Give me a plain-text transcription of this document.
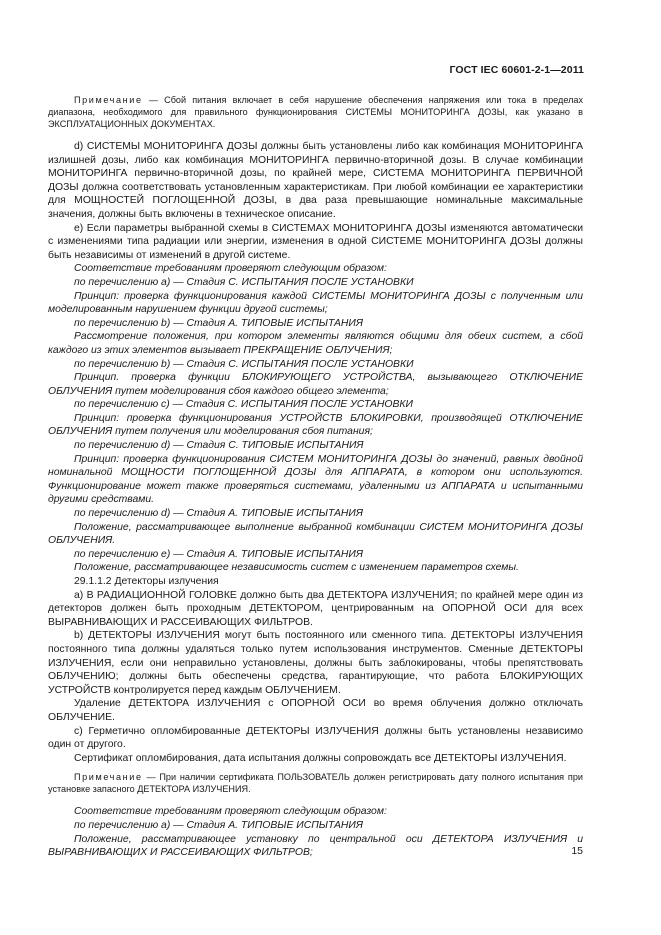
ГОСТ IEC 60601-2-1—2011

Примечание — Сбой питания включает в себя нарушение обеспечения напряжения или тока в пределах диапазона, необходимого для правильного функционирования СИСТЕМЫ МОНИТОРИНГА ДОЗЫ, как указано в ЭКСПЛУАТАЦИОННЫХ ДОКУМЕНТАХ.

d) СИСТЕМЫ МОНИТОРИНГА ДОЗЫ должны быть установлены либо как комбинация МОНИТОРИНГА излишней дозы, либо как комбинация МОНИТОРИНГА первично-вторичной дозы. В случае комбинации МОНИТОРИНГА первично-вторичной дозы, по крайней мере, СИСТЕМА МОНИТОРИНГА ПЕРВИЧНОЙ ДОЗЫ должна соответствовать установленным характеристикам. При любой комбинации ее характеристики для МОЩНОСТЕЙ ПОГЛОЩЕННОЙ ДОЗЫ, в два раза превышающие номинальные максимальные значения, должны быть включены в техническое описание.

e) Если параметры выбранной схемы в СИСТЕМАХ МОНИТОРИНГА ДОЗЫ изменяются автоматически с изменениями типа радиации или энергии, изменения в одной СИСТЕМЕ МОНИТОРИНГА ДОЗЫ должны быть независимы от изменений в другой системе.

Соответствие требованиям проверяют следующим образом:

по перечислению a) — Стадия С. ИСПЫТАНИЯ ПОСЛЕ УСТАНОВКИ

Принцип: проверка функционирования каждой СИСТЕМЫ МОНИТОРИНГА ДОЗЫ с полученным или моделированным нарушением функции другой системы;

по перечислению b) — Стадия А. ТИПОВЫЕ ИСПЫТАНИЯ

Рассмотрение положения, при котором элементы являются общими для обеих систем, а сбой каждого из этих элементов вызывает ПРЕКРАЩЕНИЕ ОБЛУЧЕНИЯ;

по перечислению b) — Стадия С. ИСПЫТАНИЯ ПОСЛЕ УСТАНОВКИ

Принцип. проверка функции БЛОКИРУЮЩЕГО УСТРОЙСТВА, вызывающего ОТКЛЮЧЕНИЕ ОБЛУЧЕНИЯ путем моделирования сбоя каждого общего элемента;

по перечислению c) — Стадия С. ИСПЫТАНИЯ ПОСЛЕ УСТАНОВКИ

Принцип: проверка функционирования УСТРОЙСТВ БЛОКИРОВКИ, производящей ОТКЛЮЧЕНИЕ ОБЛУЧЕНИЯ путем получения или моделирования сбоя питания;

по перечислению d) — Стадия С. ТИПОВЫЕ ИСПЫТАНИЯ

Принцип: проверка функционирования СИСТЕМ МОНИТОРИНГА ДОЗЫ до значений, равных двойной номинальной МОЩНОСТИ ПОГЛОЩЕННОЙ ДОЗЫ для АППАРАТА, в котором они используются. Функционирование может также проверяться системами, удаленными из АППАРАТА и испытанными другими средствами.

по перечислению d) — Стадия А. ТИПОВЫЕ ИСПЫТАНИЯ

Положение, рассматривающее выполнение выбранной комбинации СИСТЕМ МОНИТОРИНГА ДОЗЫ ОБЛУЧЕНИЯ.

по перечислению e) — Стадия А. ТИПОВЫЕ ИСПЫТАНИЯ

Положение, рассматривающее независимость систем с изменением параметров схемы.

29.1.1.2 Детекторы излучения

a) В РАДИАЦИОННОЙ ГОЛОВКЕ должно быть два ДЕТЕКТОРА ИЗЛУЧЕНИЯ; по крайней мере один из детекторов должен быть проходным ДЕТЕКТОРОМ, центрированным на ОПОРНОЙ ОСИ для всех ВЫРАВНИВАЮЩИХ И РАССЕИВАЮЩИХ ФИЛЬТРОВ.

b) ДЕТЕКТОРЫ ИЗЛУЧЕНИЯ могут быть постоянного или сменного типа. ДЕТЕКТОРЫ ИЗЛУЧЕНИЯ постоянного типа должны удаляться только путем использования инструментов. Сменные ДЕТЕКТОРЫ ИЗЛУЧЕНИЯ, если они неправильно установлены, должны быть заблокированы, чтобы препятствовать ОБЛУЧЕНИЮ; должны быть обеспечены средства, гарантирующие, что работа БЛОКИРУЮЩИХ УСТРОЙСТВ контролируется перед каждым ОБЛУЧЕНИЕМ.

Удаление ДЕТЕКТОРА ИЗЛУЧЕНИЯ с ОПОРНОЙ ОСИ во время облучения должно отключать ОБЛУЧЕНИЕ.

c) Герметично опломбированные ДЕТЕКТОРЫ ИЗЛУЧЕНИЯ должны быть установлены независимо один от другого.

Сертификат опломбирования, дата испытания должны сопровождать все ДЕТЕКТОРЫ ИЗЛУЧЕНИЯ.

Примечание — При наличии сертификата ПОЛЬЗОВАТЕЛЬ должен регистрировать дату полного испытания при установке запасного ДЕТЕКТОРА ИЗЛУЧЕНИЯ.

Соответствие требованиям проверяют следующим образом:

по перечислению a) — Стадия А. ТИПОВЫЕ ИСПЫТАНИЯ

Положение, рассматривающее установку по центральной оси ДЕТЕКТОРА ИЗЛУЧЕНИЯ и ВЫРАВНИВАЮЩИХ И РАССЕИВАЮЩИХ ФИЛЬТРОВ;	15
